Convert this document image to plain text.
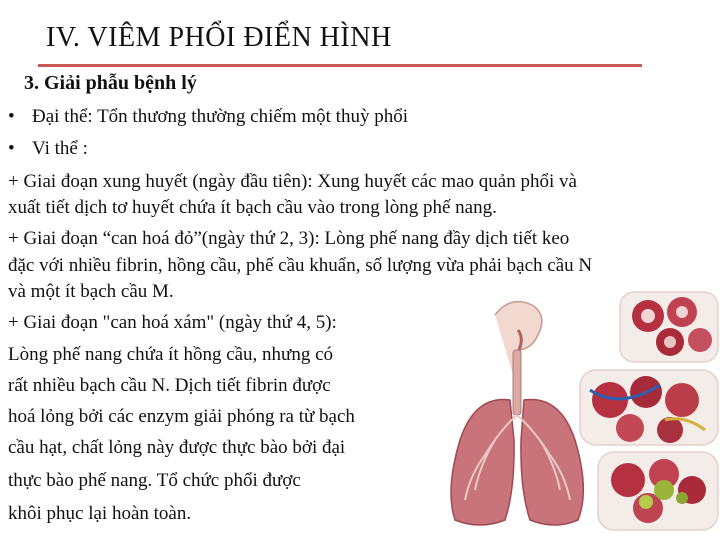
IV. VIÊM PHỔI ĐIỂN HÌNH
3. Giải phẫu bệnh lý
• Đại thể: Tổn thương thường chiếm một thuỳ phổi
• Vi thể :
+ Giai đoạn xung huyết (ngày đầu tiên): Xung huyết các mao quản phổi và
xuất tiết dịch tơ huyết chứa ít bạch cầu vào trong lòng phế nang.
+ Giai đoạn “can hoá đỏ”(ngày thứ 2, 3): Lòng phế nang đầy dịch tiết keo
đặc với nhiều fibrin, hồng cầu, phế cầu khuẩn, số lượng vừa phải bạch cầu N
và một ít bạch cầu M.
+ Giai đoạn "can hoá xám" (ngày thứ 4, 5):
Lòng phế nang chứa ít hồng cầu, nhưng có
rất nhiều bạch cầu N. Dịch tiết fibrin được
hoá lỏng bởi các enzym giải phóng ra từ bạch
cầu hạt, chất lỏng này được thực bào bởi đại
thực bào phế nang. Tổ chức phổi được
khôi phục lại hoàn toàn.
